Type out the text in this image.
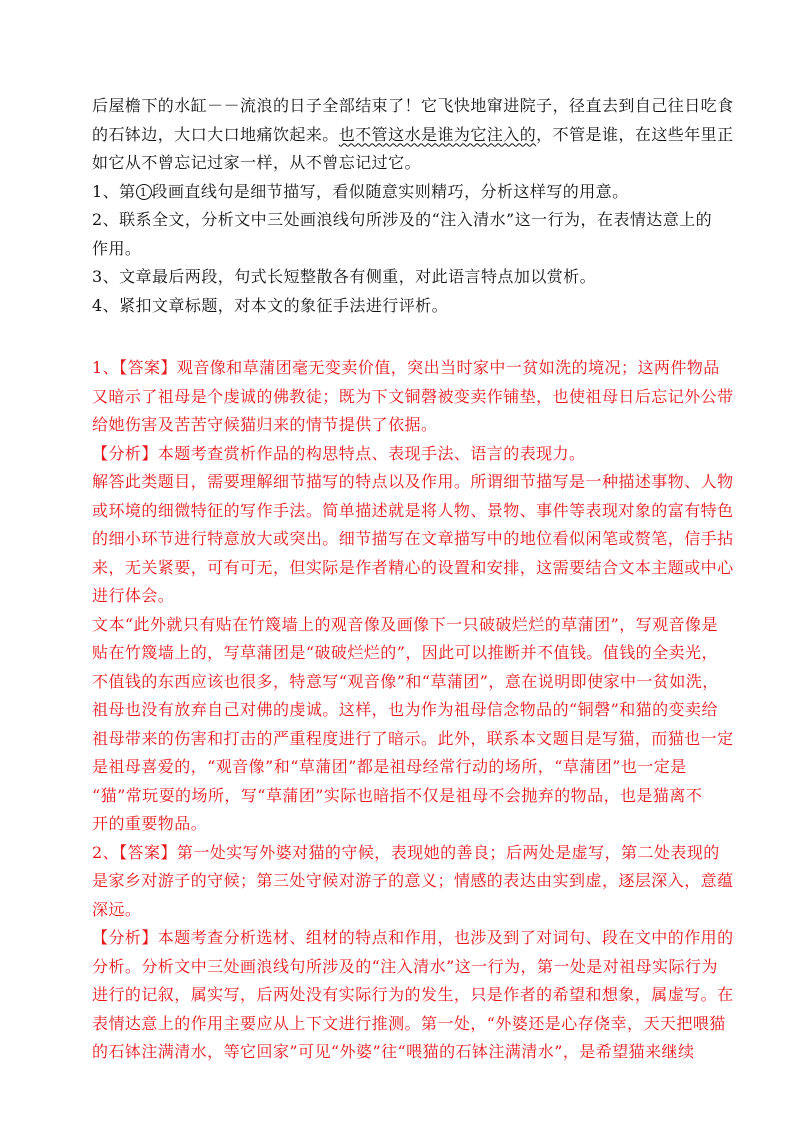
后屋檐下的水缸－－流浪的日子全部结束了！它飞快地窜进院子，径直去到自己往日吃食
的石钵边，大口大口地痛饮起来。也不管这水是谁为它注入的，不管是谁，在这些年里正
如它从不曾忘记过家一样，从不曾忘记过它。
1、第 1 段画直线句是细节描写，看似随意实则精巧，分析这样写的用意。
2、联系全文，分析文中三处画浪线句所涉及的“注入清水”这一行为，在表情达意上的
作用。
3、文章最后两段，句式长短整散各有侧重，对此语言特点加以赏析。
4、紧扣文章标题，对本文的象征手法进行评析。
1、【答案】观音像和草蒲团毫无变卖价值，突出当时家中一贫如洗的境况；这两件物品
又暗示了祖母是个虔诚的佛教徒；既为下文铜磬被变卖作铺垫，也使祖母日后忘记外公带
给她伤害及苦苦守候猫归来的情节提供了依据。
【分析】本题考查赏析作品的构思特点、表现手法、语言的表现力。
解答此类题目，需要理解细节描写的特点以及作用。所谓细节描写是一种描述事物、人物
或环境的细微特征的写作手法。简单描述就是将人物、景物、事件等表现对象的富有特色
的细小环节进行特意放大或突出。细节描写在文章描写中的地位看似闲笔或赘笔，信手拈
来，无关紧要，可有可无，但实际是作者精心的设置和安排，这需要结合文本主题或中心
进行体会。
文本“此外就只有贴在竹篾墙上的观音像及画像下一只破破烂烂的草蒲团”，写观音像是
贴在竹篾墙上的，写草蒲团是“破破烂烂的”，因此可以推断并不值钱。值钱的全卖光，
不值钱的东西应该也很多，特意写“观音像”和“草蒲团”，意在说明即使家中一贫如洗，
祖母也没有放弃自己对佛的虔诚。这样，也为作为祖母信念物品的“铜磬”和猫的变卖给
祖母带来的伤害和打击的严重程度进行了暗示。此外，联系本文题目是写猫，而猫也一定
是祖母喜爱的，“观音像”和“草蒲团”都是祖母经常行动的场所，“草蒲团”也一定是
“猫”常玩耍的场所，写“草蒲团”实际也暗指不仅是祖母不会抛弃的物品，也是猫离不
开的重要物品。
2、【答案】第一处实写外婆对猫的守候，表现她的善良；后两处是虚写，第二处表现的
是家乡对游子的守候；第三处守候对游子的意义；情感的表达由实到虚，逐层深入，意蕴
深远。
【分析】本题考查分析选材、组材的特点和作用，也涉及到了对词句、段在文中的作用的
分析。分析文中三处画浪线句所涉及的“注入清水”这一行为，第一处是对祖母实际行为
进行的记叙，属实写，后两处没有实际行为的发生，只是作者的希望和想象，属虚写。在
表情达意上的作用主要应从上下文进行推测。第一处，“外婆还是心存侥幸，天天把喂猫
的石钵注满清水，等它回家”可见“外婆”往“喂猫的石钵注满清水”，是希望猫来继续
